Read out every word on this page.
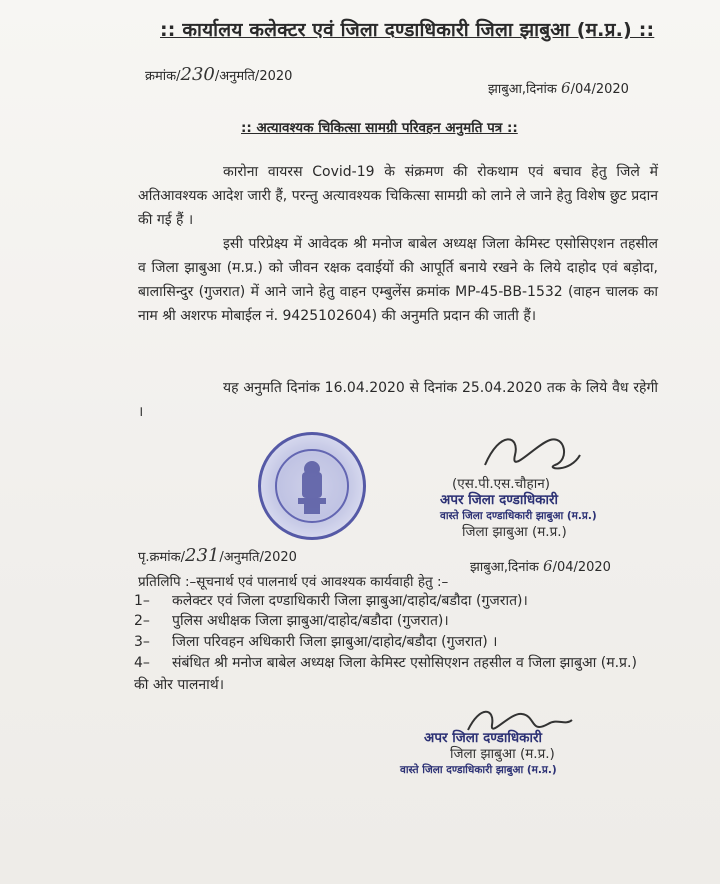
:: कार्यालय कलेक्टर एवं जिला दण्डाधिकारी जिला झाबुआ (म.प्र.) ::
क्रमांक/230/अनुमति/2020
झाबुआ,दिनांक 6/04/2020
:: अत्यावश्यक चिकित्सा सामग्री परिवहन अनुमति पत्र ::
कारोना वायरस Covid-19 के संक्रमण की रोकथाम एवं बचाव हेतु जिले में अतिआवश्यक आदेश जारी हैं, परन्तु अत्यावश्यक चिकित्सा सामग्री को लाने ले जाने हेतु विशेष छुट प्रदान की गई हैं ।
इसी परिप्रेक्ष्य में आवेदक श्री मनोज बाबेल अध्यक्ष जिला केमिस्ट एसोसिएशन तहसील व जिला झाबुआ (म.प्र.) को जीवन रक्षक दवाईयों की आपूर्ति बनाये रखने के लिये दाहोद एवं बड़ोदा, बालासिन्दुर (गुजरात) में आने जाने हेतु वाहन एम्बुलेंस क्रमांक MP-45-BB-1532 (वाहन चालक का नाम श्री अशरफ मोबाईल नं. 9425102604) की अनुमति प्रदान की जाती हैं।
यह अनुमति दिनांक 16.04.2020 से दिनांक 25.04.2020 तक के लिये वैध रहेगी ।
(एस.पी.एस.चौहान)
अपर जिला दण्डाधिकारी
वास्ते जिला दण्डाधिकारी झाबुआ (म.प्र.)
जिला झाबुआ (म.प्र.)
पृ.क्रमांक/231/अनुमति/2020
झाबुआ,दिनांक 6/04/2020
प्रतिलिपि :–सूचनार्थ एवं पालनार्थ एवं आवश्यक कार्यवाही हेतु :–
1– कलेक्टर एवं जिला दण्डाधिकारी जिला झाबुआ/दाहोद/बडौदा (गुजरात)।
2– पुलिस अधीक्षक जिला झाबुआ/दाहोद/बडौदा (गुजरात)।
3– जिला परिवहन अधिकारी जिला झाबुआ/दाहोद/बडौदा (गुजरात) ।
4– संबंधित श्री मनोज बाबेल अध्यक्ष जिला केमिस्ट एसोसिएशन तहसील व जिला झाबुआ (म.प्र.) की ओर पालनार्थ।
अपर जिला दण्डाधिकारी
जिला झाबुआ (म.प्र.)
वास्ते जिला दण्डाधिकारी झाबुआ (म.प्र.)
